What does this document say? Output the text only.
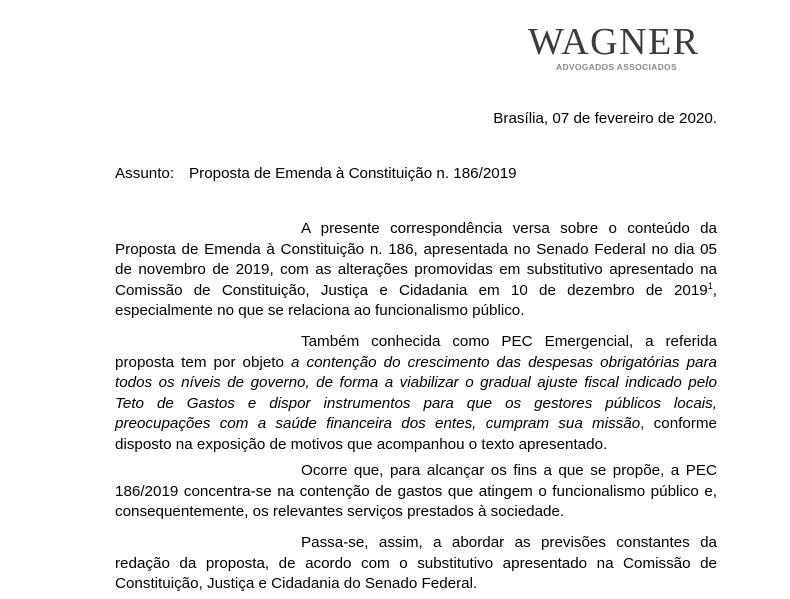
WAGNER
ADVOGADOS ASSOCIADOS
Brasília, 07 de fevereiro de 2020.
Assunto: Proposta de Emenda à Constituição n. 186/2019

A presente correspondência versa sobre o conteúdo da Proposta de Emenda à Constituição n. 186, apresentada no Senado Federal no dia 05 de novembro de 2019, com as alterações promovidas em substitutivo apresentado na Comissão de Constituição, Justiça e Cidadania em 10 de dezembro de 2019$^1$, especialmente no que se relaciona ao funcionalismo público.

Também conhecida como PEC Emergencial, a referida proposta tem por objeto a contenção do crescimento das despesas obrigatórias para todos os níveis de governo, de forma a viabilizar o gradual ajuste fiscal indicado pelo Teto de Gastos e dispor instrumentos para que os gestores públicos locais, preocupações com a saúde financeira dos entes, cumpram sua missão, conforme disposto na exposição de motivos que acompanhou o texto apresentado.

Ocorre que, para alcançar os fins a que se propõe, a PEC 186/2019 concentra-se na contenção de gastos que atingem o funcionalismo público e, consequentemente, os relevantes serviços prestados à sociedade.

Passa-se, assim, a abordar as previsões constantes da redação da proposta, de acordo com o substitutivo apresentado na Comissão de Constituição, Justiça e Cidadania do Senado Federal.
